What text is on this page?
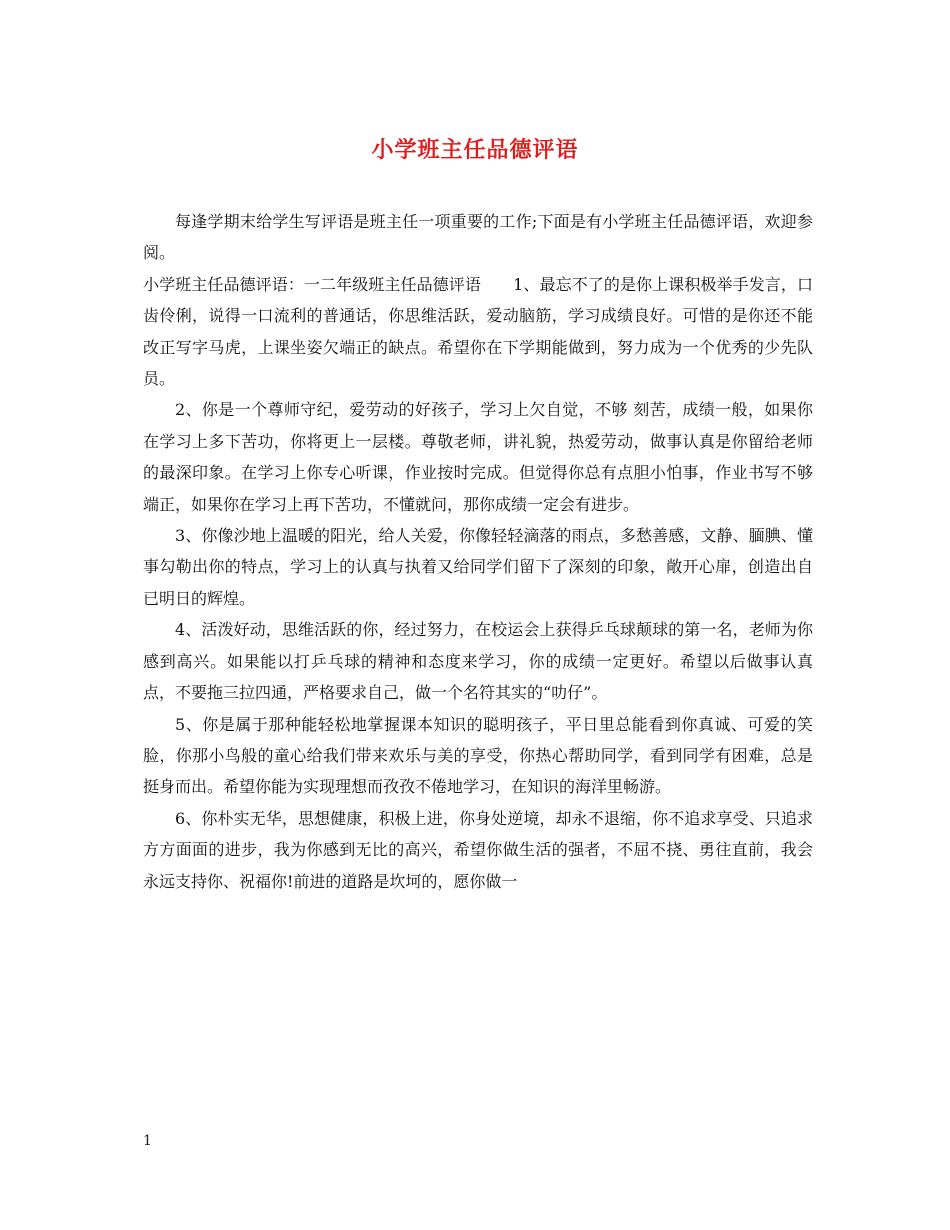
小学班主任品德评语

每逢学期末给学生写评语是班主任一项重要的工作;下面是有小学班主任品德评语，欢迎参阅。

小学班主任品德评语：一二年级班主任品德评语　　1、最忘不了的是你上课积极举手发言，口齿伶俐，说得一口流利的普通话，你思维活跃，爱动脑筋，学习成绩良好。可惜的是你还不能改正写字马虎，上课坐姿欠端正的缺点。希望你在下学期能做到，努力成为一个优秀的少先队员。

2、你是一个尊师守纪，爱劳动的好孩子，学习上欠自觉，不够 刻苦，成绩一般，如果你在学习上多下苦功，你将更上一层楼。尊敬老师，讲礼貌，热爱劳动，做事认真是你留给老师的最深印象。在学习上你专心听课，作业按时完成。但觉得你总有点胆小怕事，作业书写不够端正，如果你在学习上再下苦功，不懂就问，那你成绩一定会有进步。

3、你像沙地上温暖的阳光，给人关爱，你像轻轻滴落的雨点，多愁善感，文静、腼腆、懂事勾勒出你的特点，学习上的认真与执着又给同学们留下了深刻的印象，敞开心扉，创造出自已明日的辉煌。

4、活泼好动，思维活跃的你，经过努力，在校运会上获得乒乓球颠球的第一名，老师为你感到高兴。如果能以打乒乓球的精神和态度来学习，你的成绩一定更好。希望以后做事认真点，不要拖三拉四通，严格要求自己，做一个名符其实的“叻仔”。

5、你是属于那种能轻松地掌握课本知识的聪明孩子，平日里总能看到你真诚、可爱的笑脸，你那小鸟般的童心给我们带来欢乐与美的享受，你热心帮助同学，看到同学有困难，总是挺身而出。希望你能为实现理想而孜孜不倦地学习，在知识的海洋里畅游。

6、你朴实无华，思想健康，积极上进，你身处逆境，却永不退缩，你不追求享受、只追求方方面面的进步，我为你感到无比的高兴，希望你做生活的强者，不屈不挠、勇往直前，我会永远支持你、祝福你!前进的道路是坎坷的，愿你做一

1
